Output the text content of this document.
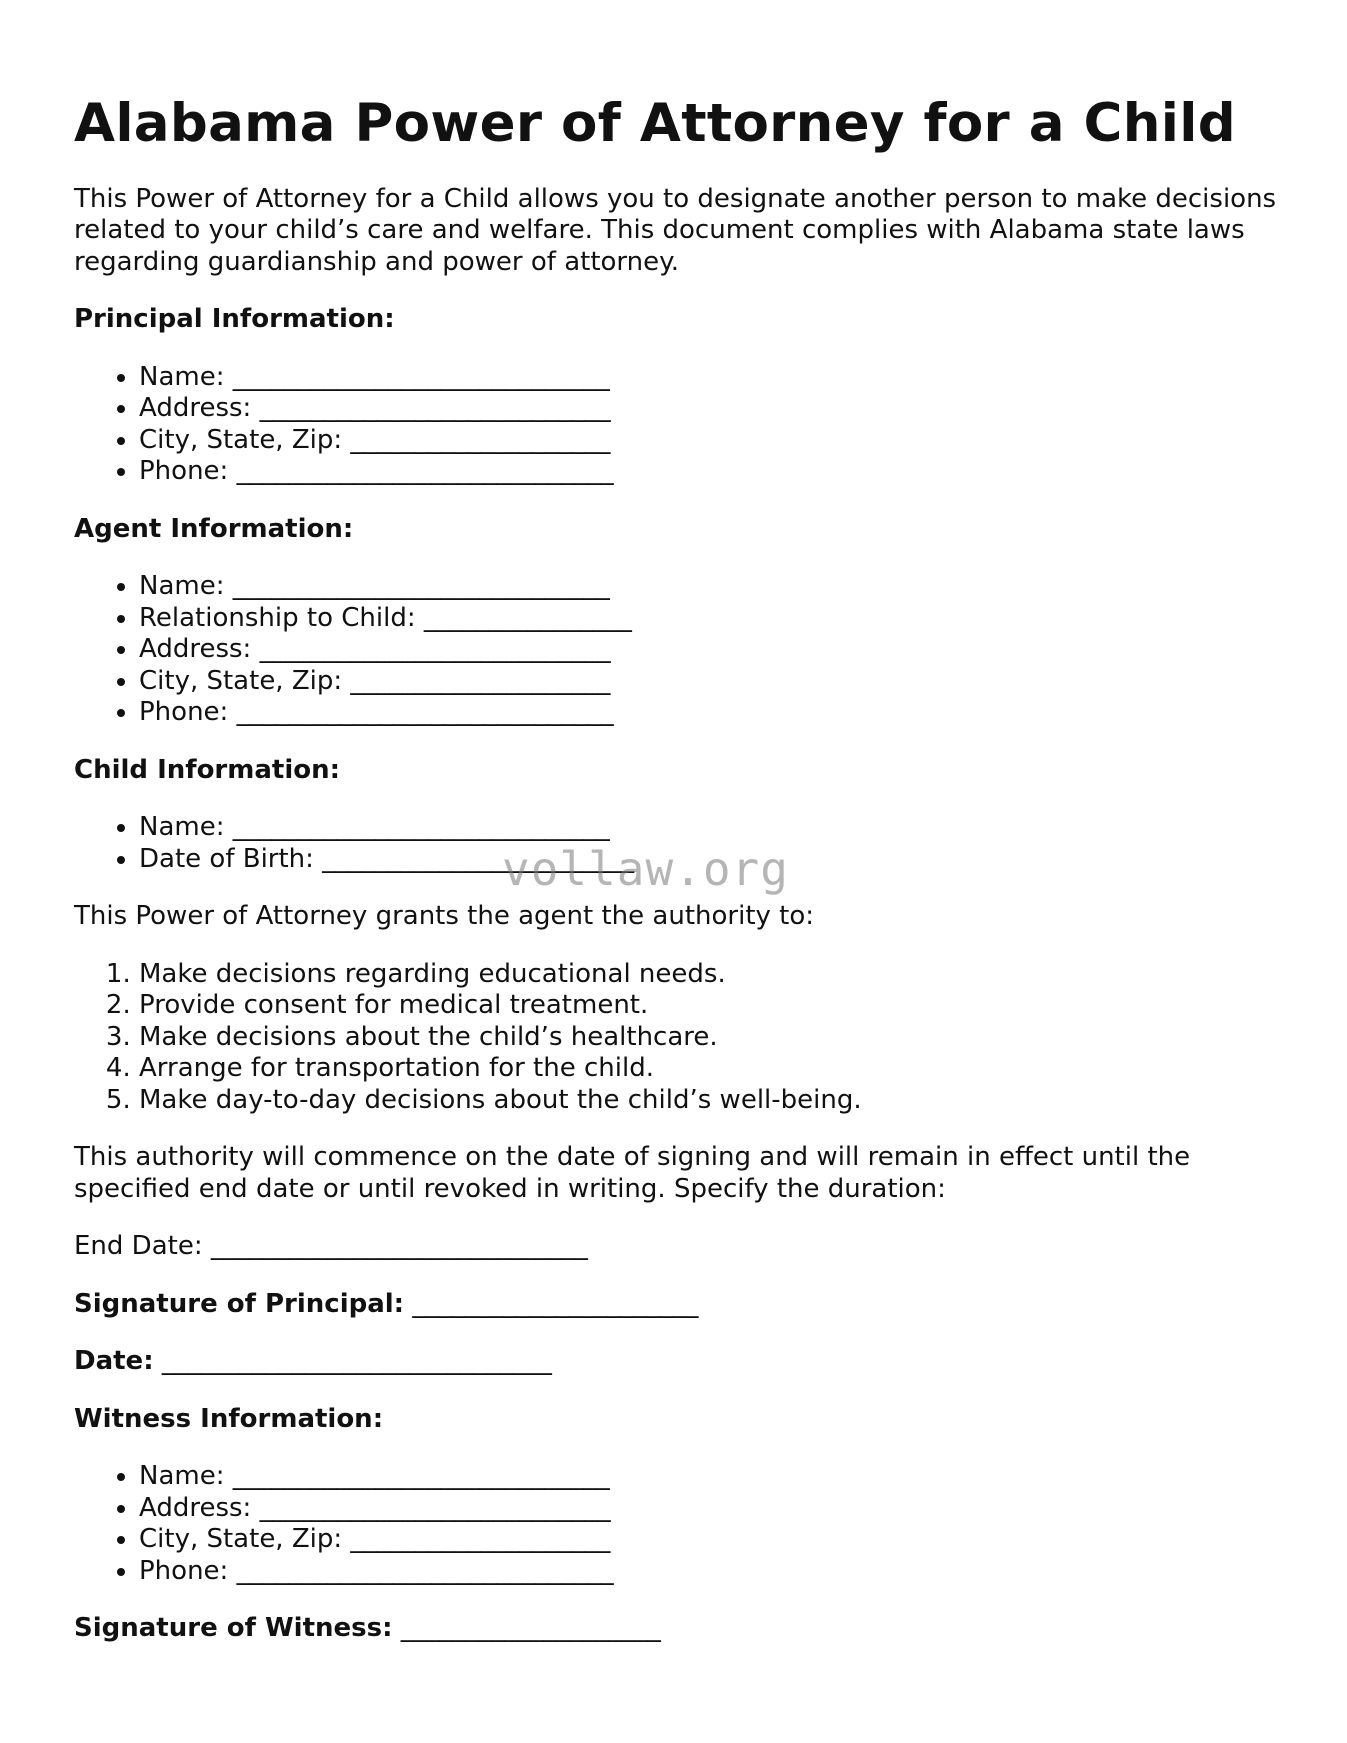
Alabama Power of Attorney for a Child

This Power of Attorney for a Child allows you to designate another person to make decisions related to your child’s care and welfare. This document complies with Alabama state laws regarding guardianship and power of attorney.

Principal Information:

• Name: _____________________________
• Address: ___________________________
• City, State, Zip: ____________________
• Phone: _____________________________

Agent Information:

• Name: _____________________________
• Relationship to Child: ________________
• Address: ___________________________
• City, State, Zip: ____________________
• Phone: _____________________________

Child Information:

• Name: _____________________________
• Date of Birth: ________________________

This Power of Attorney grants the agent the authority to:

1. Make decisions regarding educational needs.
2. Provide consent for medical treatment.
3. Make decisions about the child’s healthcare.
4. Arrange for transportation for the child.
5. Make day-to-day decisions about the child’s well-being.

This authority will commence on the date of signing and will remain in effect until the specified end date or until revoked in writing. Specify the duration:

End Date: _____________________________

Signature of Principal: ______________________

Date: ______________________________

Witness Information:

• Name: _____________________________
• Address: ___________________________
• City, State, Zip: ____________________
• Phone: _____________________________

Signature of Witness: ____________________

vollaw.org
